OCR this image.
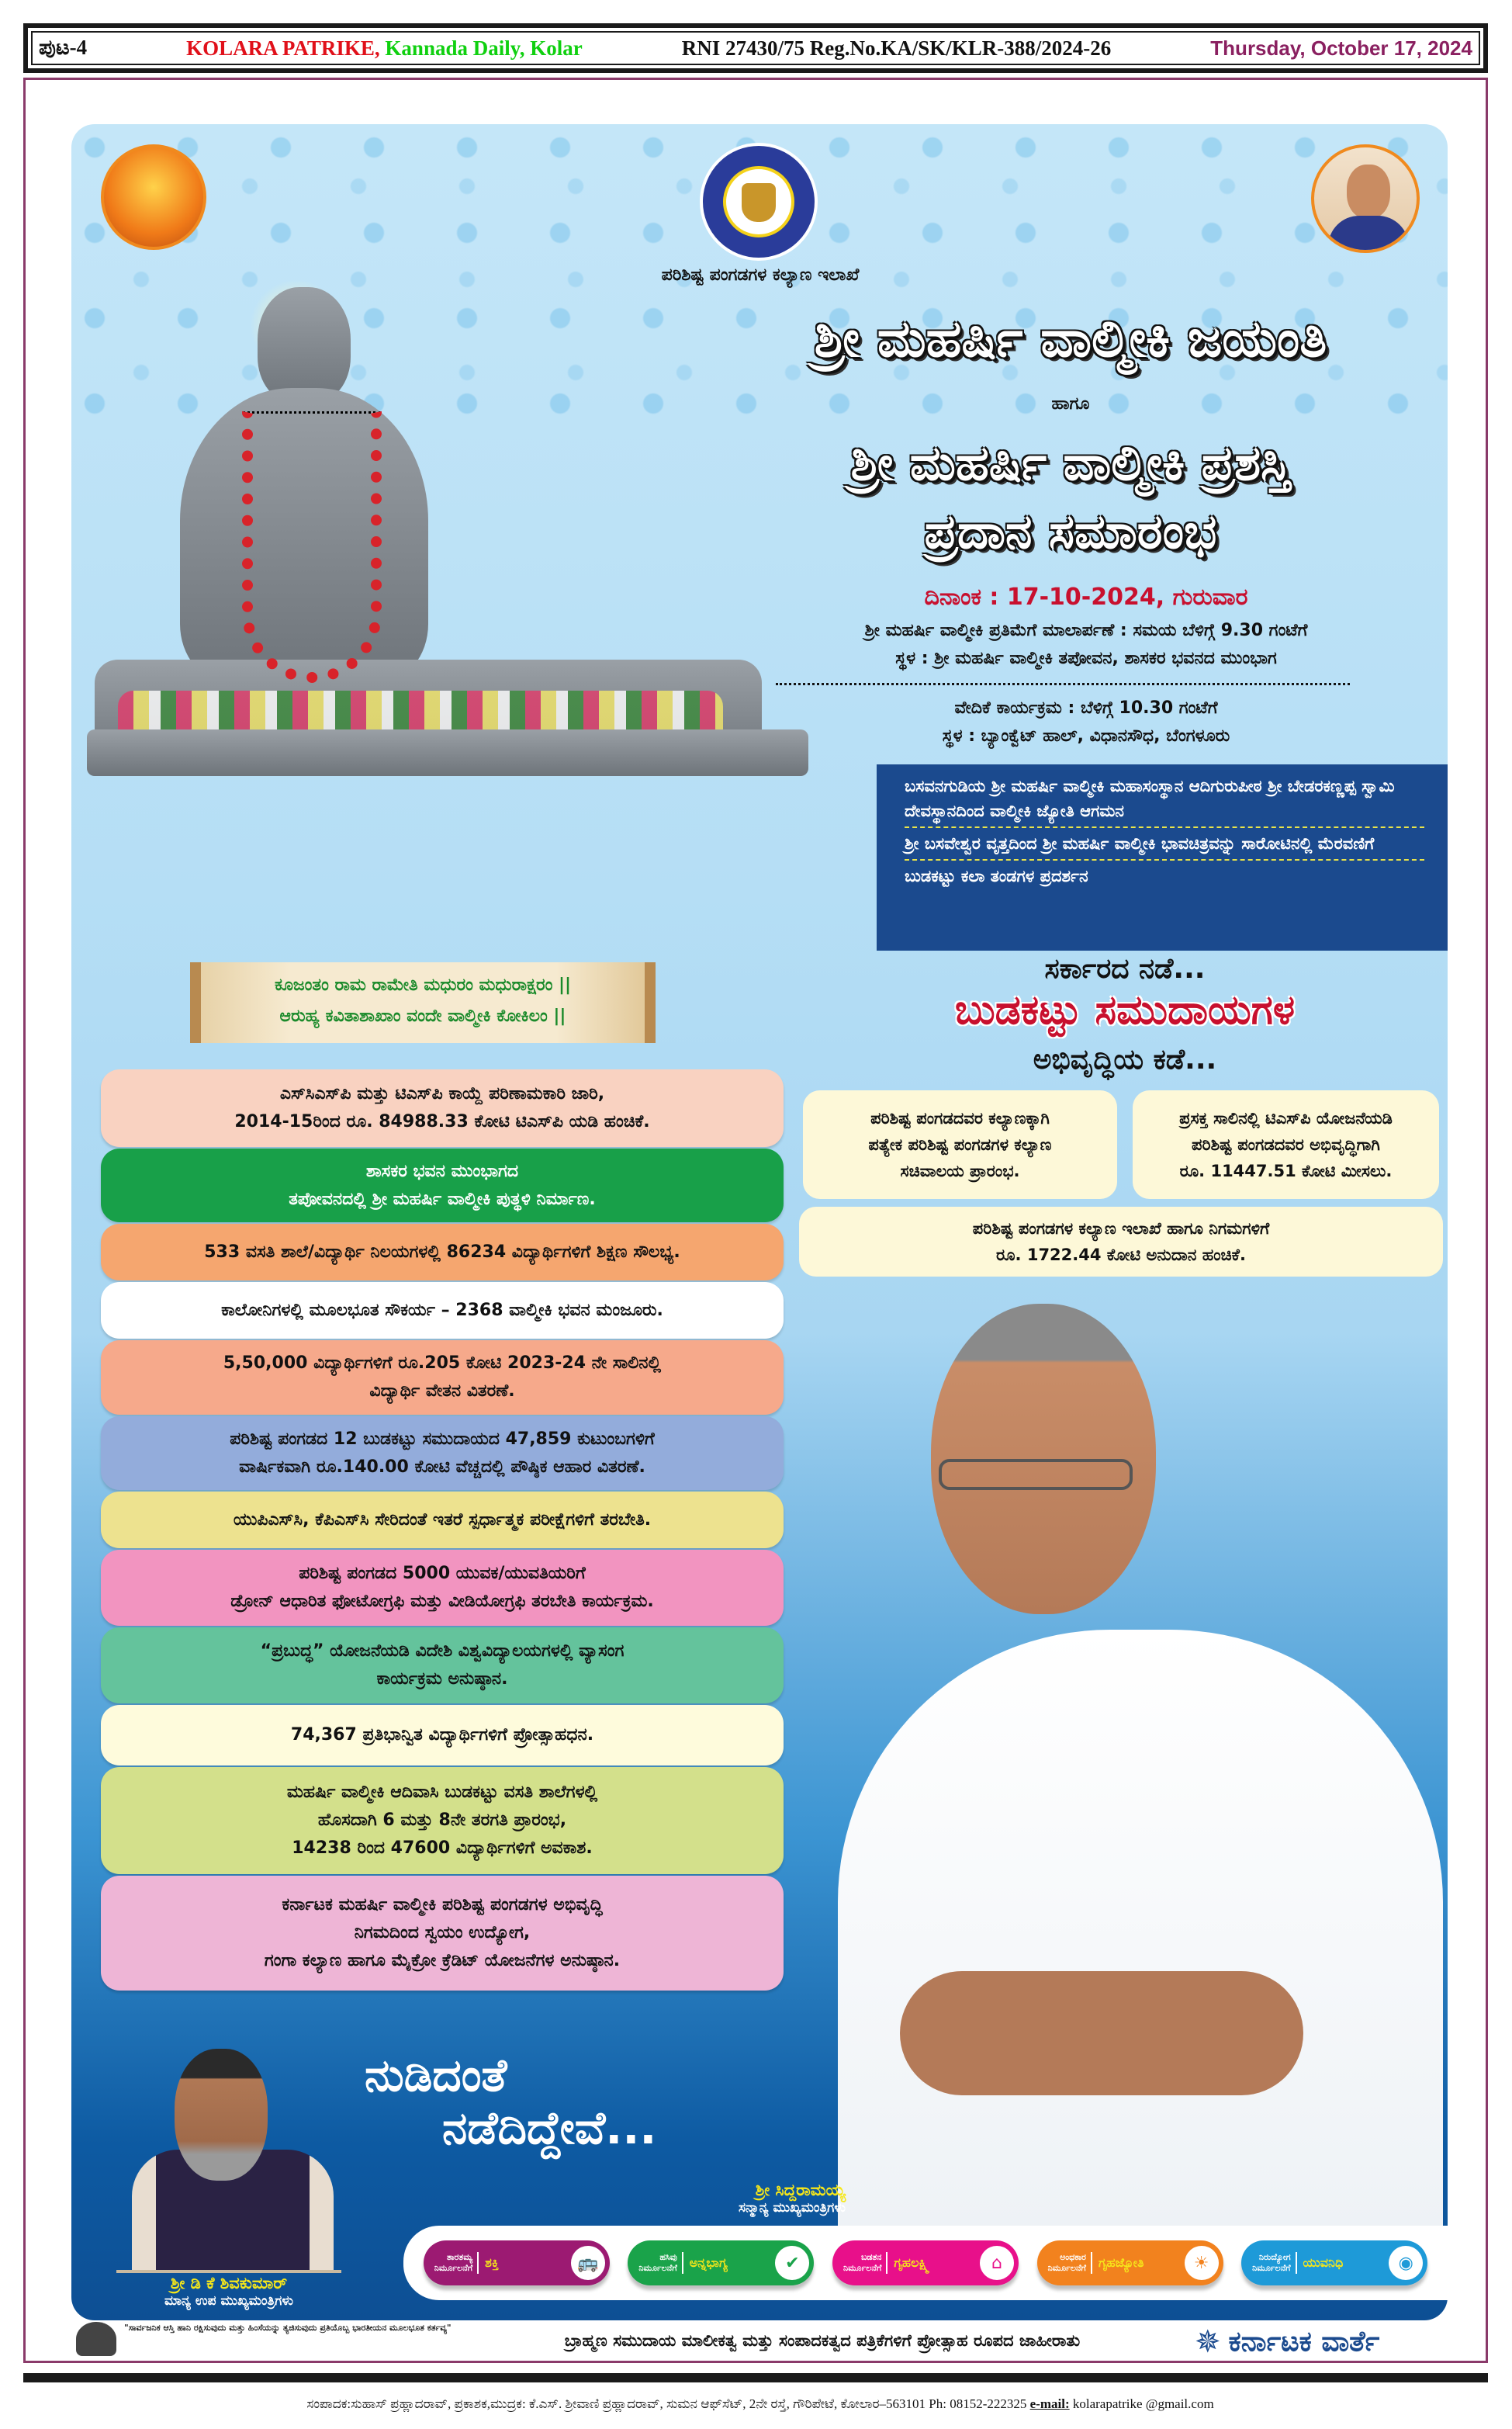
ಪುಟ-4	KOLARA PATRIKE, Kannada Daily, Kolar	RNI 27430/75 Reg.No.KA/SK/KLR-388/2024-26	Thursday, October 17, 2024
ಪರಿಶಿಷ್ಟ ಪಂಗಡಗಳ ಕಲ್ಯಾಣ ಇಲಾಖೆ
ಶ್ರೀ ಮಹರ್ಷಿ ವಾಲ್ಮೀಕಿ ಜಯಂತಿ
ಹಾಗೂ
ಶ್ರೀ ಮಹರ್ಷಿ ವಾಲ್ಮೀಕಿ ಪ್ರಶಸ್ತಿ
ಪ್ರದಾನ ಸಮಾರಂಭ
ದಿನಾಂಕ : 17-10-2024, ಗುರುವಾರ
ಶ್ರೀ ಮಹರ್ಷಿ ವಾಲ್ಮೀಕಿ ಪ್ರತಿಮೆಗೆ ಮಾಲಾರ್ಪಣೆ : ಸಮಯ ಬೆಳಿಗ್ಗೆ 9.30 ಗಂಟೆಗೆ
ಸ್ಥಳ : ಶ್ರೀ ಮಹರ್ಷಿ ವಾಲ್ಮೀಕಿ ತಪೋವನ, ಶಾಸಕರ ಭವನದ ಮುಂಭಾಗ
ವೇದಿಕೆ ಕಾರ್ಯಕ್ರಮ : ಬೆಳಿಗ್ಗೆ 10.30 ಗಂಟೆಗೆ
ಸ್ಥಳ : ಬ್ಯಾಂಕ್ವೆಟ್ ಹಾಲ್, ವಿಧಾನಸೌಧ, ಬೆಂಗಳೂರು
ಬಸವನಗುಡಿಯ ಶ್ರೀ ಮಹರ್ಷಿ ವಾಲ್ಮೀಕಿ ಮಹಾಸಂಸ್ಥಾನ ಆದಿಗುರುಪೀಠ ಶ್ರೀ ಬೇಡರಕಣ್ಣಪ್ಪ ಸ್ವಾಮಿ ದೇವಸ್ಥಾನದಿಂದ ವಾಲ್ಮೀಕಿ ಜ್ಯೋತಿ ಆಗಮನ
ಶ್ರೀ ಬಸವೇಶ್ವರ ವೃತ್ತದಿಂದ ಶ್ರೀ ಮಹರ್ಷಿ ವಾಲ್ಮೀಕಿ ಭಾವಚಿತ್ರವನ್ನು ಸಾರೋಟಿನಲ್ಲಿ ಮೆರವಣಿಗೆ
ಬುಡಕಟ್ಟು ಕಲಾ ತಂಡಗಳ ಪ್ರದರ್ಶನ
ಕೂಜಂತಂ ರಾಮ ರಾಮೇತಿ ಮಧುರಂ ಮಧುರಾಕ್ಷರಂ ||
ಆರುಹ್ಯ ಕವಿತಾಶಾಖಾಂ ವಂದೇ ವಾಲ್ಮೀಕಿ ಕೋಕಿಲಂ ||
ಸರ್ಕಾರದ ನಡೆ...
ಬುಡಕಟ್ಟು ಸಮುದಾಯಗಳ
ಅಭಿವೃದ್ಧಿಯ ಕಡೆ...
ಪರಿಶಿಷ್ಟ ಪಂಗಡದವರ ಕಲ್ಯಾಣಕ್ಕಾಗಿ
ಪತ್ಯೇಕ ಪರಿಶಿಷ್ಟ ಪಂಗಡಗಳ ಕಲ್ಯಾಣ
ಸಚಿವಾಲಯ ಪ್ರಾರಂಭ.
ಪ್ರಸಕ್ತ ಸಾಲಿನಲ್ಲಿ ಟಿಎಸ್‌ಪಿ ಯೋಜನೆಯಡಿ
ಪರಿಶಿಷ್ಟ ಪಂಗಡದವರ ಅಭಿವೃದ್ಧಿಗಾಗಿ
ರೂ. 11447.51 ಕೋಟಿ ಮೀಸಲು.
ಪರಿಶಿಷ್ಟ ಪಂಗಡಗಳ ಕಲ್ಯಾಣ ಇಲಾಖೆ ಹಾಗೂ ನಿಗಮಗಳಿಗೆ
ರೂ. 1722.44 ಕೋಟಿ ಅನುದಾನ ಹಂಚಿಕೆ.
ನುಡಿದಂತೆ
ನಡೆದಿದ್ದೇವೆ...
ಶ್ರೀ ಸಿದ್ದರಾಮಯ್ಯ
ಸನ್ಮಾನ್ಯ ಮುಖ್ಯಮಂತ್ರಿಗಳು
ಶ್ರೀ ಡಿ ಕೆ ಶಿವಕುಮಾರ್
ಮಾನ್ಯ ಉಪ ಮುಖ್ಯಮಂತ್ರಿಗಳು
ತಾರತಮ್ಯ
ನಿರ್ಮೂಲನೆಗೆ	ಶಕ್ತಿ	🚌	ಹಸಿವು
ನಿರ್ಮೂಲನೆಗೆ	ಅನ್ನಭಾಗ್ಯ	✔	ಬಡತನ
ನಿರ್ಮೂಲನೆಗೆ	ಗೃಹಲಕ್ಷ್ಮಿ	⌂	ಅಂಧಕಾರ
ನಿರ್ಮೂಲನೆಗೆ	ಗೃಹಜ್ಯೋತಿ	☀	ನಿರುದ್ಯೋಗ
ನಿರ್ಮೂಲನೆಗೆ	ಯುವನಿಧಿ	◉
"ಸಾರ್ವಜನಿಕ ಆಸ್ತಿ ಹಾನಿ ರಕ್ಷಿಸುವುದು ಮತ್ತು ಹಿಂಸೆಯನ್ನು ತ್ಯಜಿಸುವುದು ಪ್ರತಿಯೊಬ್ಬ ಭಾರತೀಯನ ಮೂಲಭೂತ ಕರ್ತವ್ಯ"
ಬ್ರಾಹ್ಮಣ ಸಮುದಾಯ ಮಾಲೀಕತ್ವ ಮತ್ತು ಸಂಪಾದಕತ್ವದ ಪತ್ರಿಕೆಗಳಿಗೆ ಪ್ರೋತ್ಸಾಹ ರೂಪದ ಜಾಹೀರಾತು	✵ ಕರ್ನಾಟಕ ವಾರ್ತೆ
ಸಂಪಾದಕ:ಸುಹಾಸ್ ಪ್ರಹ್ಲಾದರಾವ್, ಪ್ರಕಾಶಕ,ಮುದ್ರಕ: ಕೆ.ಎಸ್. ಶ್ರೀವಾಣಿ ಪ್ರಹ್ಲಾದರಾವ್, ಸುಮನ ಆಫ್‌ಸೆಟ್, 2ನೇ ರಸ್ತೆ, ಗೌರಿಪೇಟೆ, ಕೋಲಾರ–563101 Ph: 08152-222325 e-mail: kolarapatrike @gmail.com
ಎಸ್‌ಸಿಎಸ್‌ಪಿ ಮತ್ತು ಟಿಎಸ್‌ಪಿ ಕಾಯ್ದೆ ಪರಿಣಾಮಕಾರಿ ಜಾರಿ,
2014-15ರಿಂದ ರೂ. 84988.33 ಕೋಟಿ ಟಿಎಸ್‌ಪಿ ಯಡಿ ಹಂಚಿಕೆ.
ಶಾಸಕರ ಭವನ ಮುಂಭಾಗದ
ತಪೋವನದಲ್ಲಿ ಶ್ರೀ ಮಹರ್ಷಿ ವಾಲ್ಮೀಕಿ ಪುತ್ಥಳಿ ನಿರ್ಮಾಣ.
533 ವಸತಿ ಶಾಲೆ/ವಿದ್ಯಾರ್ಥಿ ನಿಲಯಗಳಲ್ಲಿ 86234 ವಿದ್ಯಾರ್ಥಿಗಳಿಗೆ ಶಿಕ್ಷಣ ಸೌಲಭ್ಯ.
ಕಾಲೋನಿಗಳಲ್ಲಿ ಮೂಲಭೂತ ಸೌಕರ್ಯ – 2368 ವಾಲ್ಮೀಕಿ ಭವನ ಮಂಜೂರು.
5,50,000 ವಿದ್ಯಾರ್ಥಿಗಳಿಗೆ ರೂ.205 ಕೋಟಿ 2023-24 ನೇ ಸಾಲಿನಲ್ಲಿ
ವಿದ್ಯಾರ್ಥಿ ವೇತನ ವಿತರಣೆ.
ಪರಿಶಿಷ್ಟ ಪಂಗಡದ 12 ಬುಡಕಟ್ಟು ಸಮುದಾಯದ 47,859 ಕುಟುಂಬಗಳಿಗೆ
ವಾರ್ಷಿಕವಾಗಿ ರೂ.140.00 ಕೋಟಿ ವೆಚ್ಚದಲ್ಲಿ ಪೌಷ್ಠಿಕ ಆಹಾರ ವಿತರಣೆ.
ಯುಪಿಎಸ್‌ಸಿ, ಕೆಪಿಎಸ್‌ಸಿ ಸೇರಿದಂತೆ ಇತರೆ ಸ್ಪರ್ಧಾತ್ಮಕ ಪರೀಕ್ಷೆಗಳಿಗೆ ತರಬೇತಿ.
ಪರಿಶಿಷ್ಟ ಪಂಗಡದ 5000 ಯುವಕ/ಯುವತಿಯರಿಗೆ
ಡ್ರೋನ್ ಆಧಾರಿತ ಫೋಟೋಗ್ರಫಿ ಮತ್ತು ವೀಡಿಯೋಗ್ರಫಿ ತರಬೇತಿ ಕಾರ್ಯಕ್ರಮ.
“ಪ್ರಬುದ್ಧ” ಯೋಜನೆಯಡಿ ವಿದೇಶಿ ವಿಶ್ವವಿದ್ಯಾಲಯಗಳಲ್ಲಿ ವ್ಯಾಸಂಗ
ಕಾರ್ಯಕ್ರಮ ಅನುಷ್ಠಾನ.
74,367 ಪ್ರತಿಭಾನ್ವಿತ ವಿದ್ಯಾರ್ಥಿಗಳಿಗೆ ಪ್ರೋತ್ಸಾಹಧನ.
ಮಹರ್ಷಿ ವಾಲ್ಮೀಕಿ ಆದಿವಾಸಿ ಬುಡಕಟ್ಟು ವಸತಿ ಶಾಲೆಗಳಲ್ಲಿ
ಹೊಸದಾಗಿ 6 ಮತ್ತು 8ನೇ ತರಗತಿ ಪ್ರಾರಂಭ,
14238 ರಿಂದ 47600 ವಿದ್ಯಾರ್ಥಿಗಳಿಗೆ ಅವಕಾಶ.
ಕರ್ನಾಟಕ ಮಹರ್ಷಿ ವಾಲ್ಮೀಕಿ ಪರಿಶಿಷ್ಟ ಪಂಗಡಗಳ ಅಭಿವೃದ್ಧಿ
ನಿಗಮದಿಂದ ಸ್ವಯಂ ಉದ್ಯೋಗ,
ಗಂಗಾ ಕಲ್ಯಾಣ ಹಾಗೂ ಮೈಕ್ರೋ ಕ್ರೆಡಿಟ್ ಯೋಜನೆಗಳ ಅನುಷ್ಠಾನ.
